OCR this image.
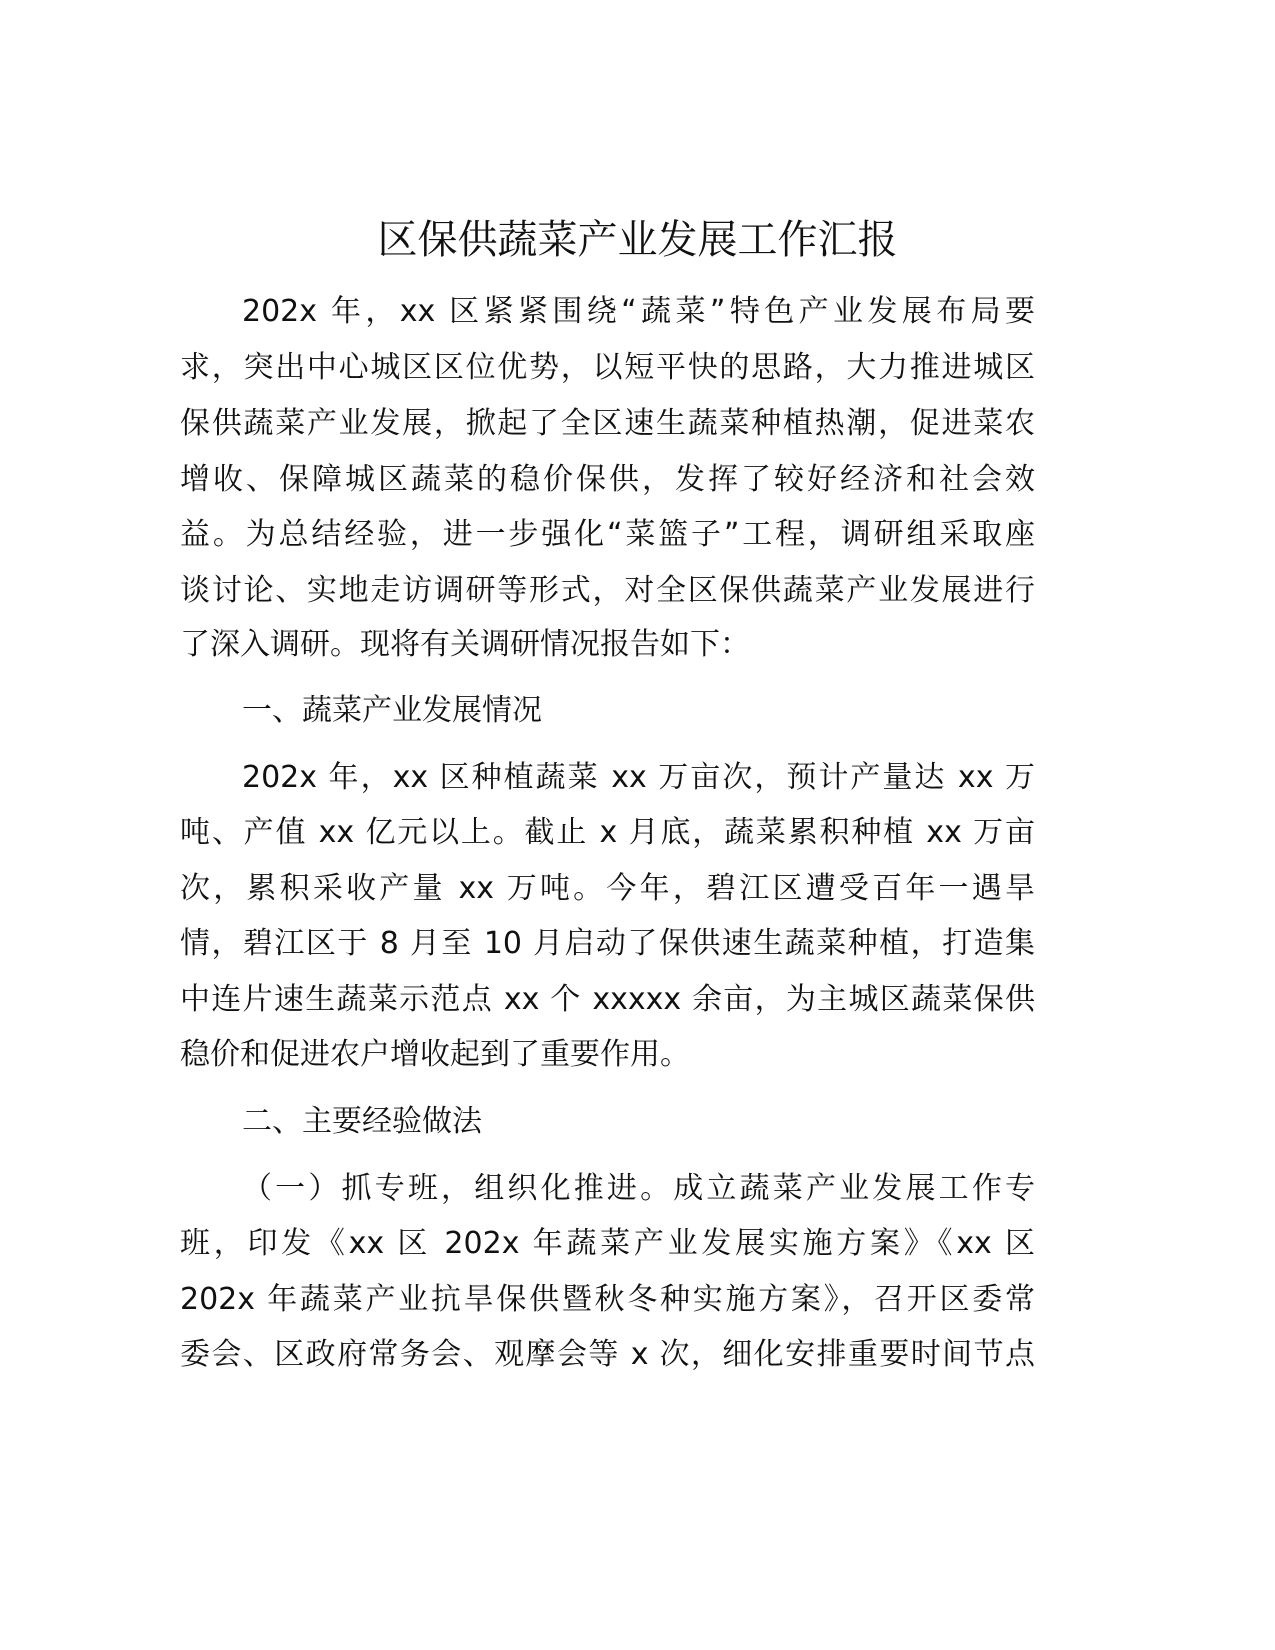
区保供蔬菜产业发展工作汇报
202x 年，xx 区紧紧围绕“蔬菜”特色产业发展布局要
求，突出中心城区区位优势，以短平快的思路，大力推进城区
保供蔬菜产业发展，掀起了全区速生蔬菜种植热潮，促进菜农
增收、保障城区蔬菜的稳价保供，发挥了较好经济和社会效
益。为总结经验，进一步强化“菜篮子”工程，调研组采取座
谈讨论、实地走访调研等形式，对全区保供蔬菜产业发展进行
了深入调研。现将有关调研情况报告如下：
一、蔬菜产业发展情况
202x 年，xx 区种植蔬菜 xx 万亩次，预计产量达 xx 万
吨、产值 xx 亿元以上。截止 x 月底，蔬菜累积种植 xx 万亩
次，累积采收产量 xx 万吨。今年，碧江区遭受百年一遇旱
情，碧江区于 8 月至 10 月启动了保供速生蔬菜种植，打造集
中连片速生蔬菜示范点 xx 个 xxxxx 余亩，为主城区蔬菜保供
稳价和促进农户增收起到了重要作用。
二、主要经验做法
（一）抓专班，组织化推进。成立蔬菜产业发展工作专
班，印发《xx 区 202x 年蔬菜产业发展实施方案》《xx 区
202x 年蔬菜产业抗旱保供暨秋冬种实施方案》，召开区委常
委会、区政府常务会、观摩会等 x 次，细化安排重要时间节点
